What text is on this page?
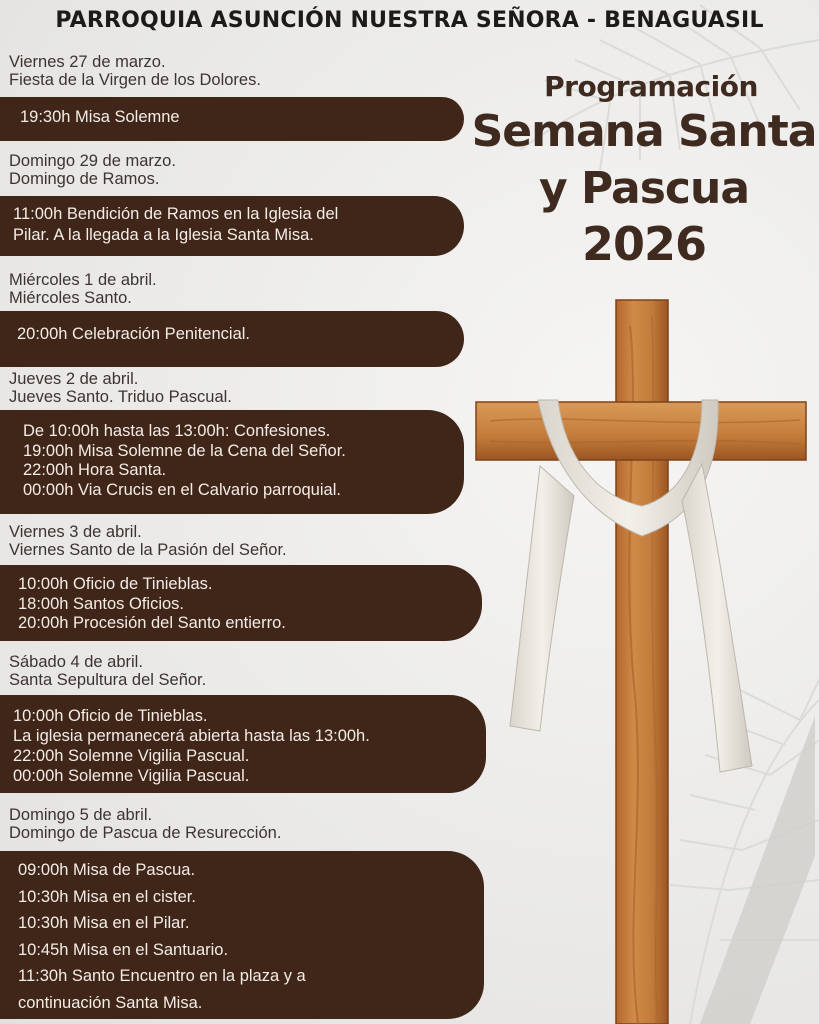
PARROQUIA ASUNCIÓN NUESTRA SEÑORA - BENAGUASIL
Viernes 27 de marzo.
Fiesta de la Virgen de los Dolores.
19:30h Misa Solemne
Domingo 29 de marzo.
Domingo de Ramos.
11:00h Bendición de Ramos en la Iglesia del
Pilar. A la llegada a la Iglesia Santa Misa.
Miércoles 1 de abril.
Miércoles Santo.
20:00h Celebración Penitencial.
Jueves 2 de abril.
Jueves Santo. Triduo Pascual.
De 10:00h hasta las 13:00h: Confesiones.
19:00h Misa Solemne de la Cena del Señor.
22:00h Hora Santa.
00:00h Via Crucis en el Calvario parroquial.
Viernes 3 de abril.
Viernes Santo de la Pasión del Señor.
10:00h Oficio de Tinieblas.
18:00h Santos Oficios.
20:00h Procesión del Santo entierro.
Sábado 4 de abril.
Santa Sepultura del Señor.
10:00h Oficio de Tinieblas.
La iglesia permanecerá abierta hasta las 13:00h.
22:00h Solemne Vigilia Pascual.
00:00h Solemne Vigilia Pascual.
Domingo 5 de abril.
Domingo de Pascua de Resurección.
09:00h Misa de Pascua.
10:30h Misa en el cister.
10:30h Misa en el Pilar.
10:45h Misa en el Santuario.
11:30h Santo Encuentro en la plaza y a
continuación Santa Misa.
Programación
Semana Santa
y Pascua
2026
